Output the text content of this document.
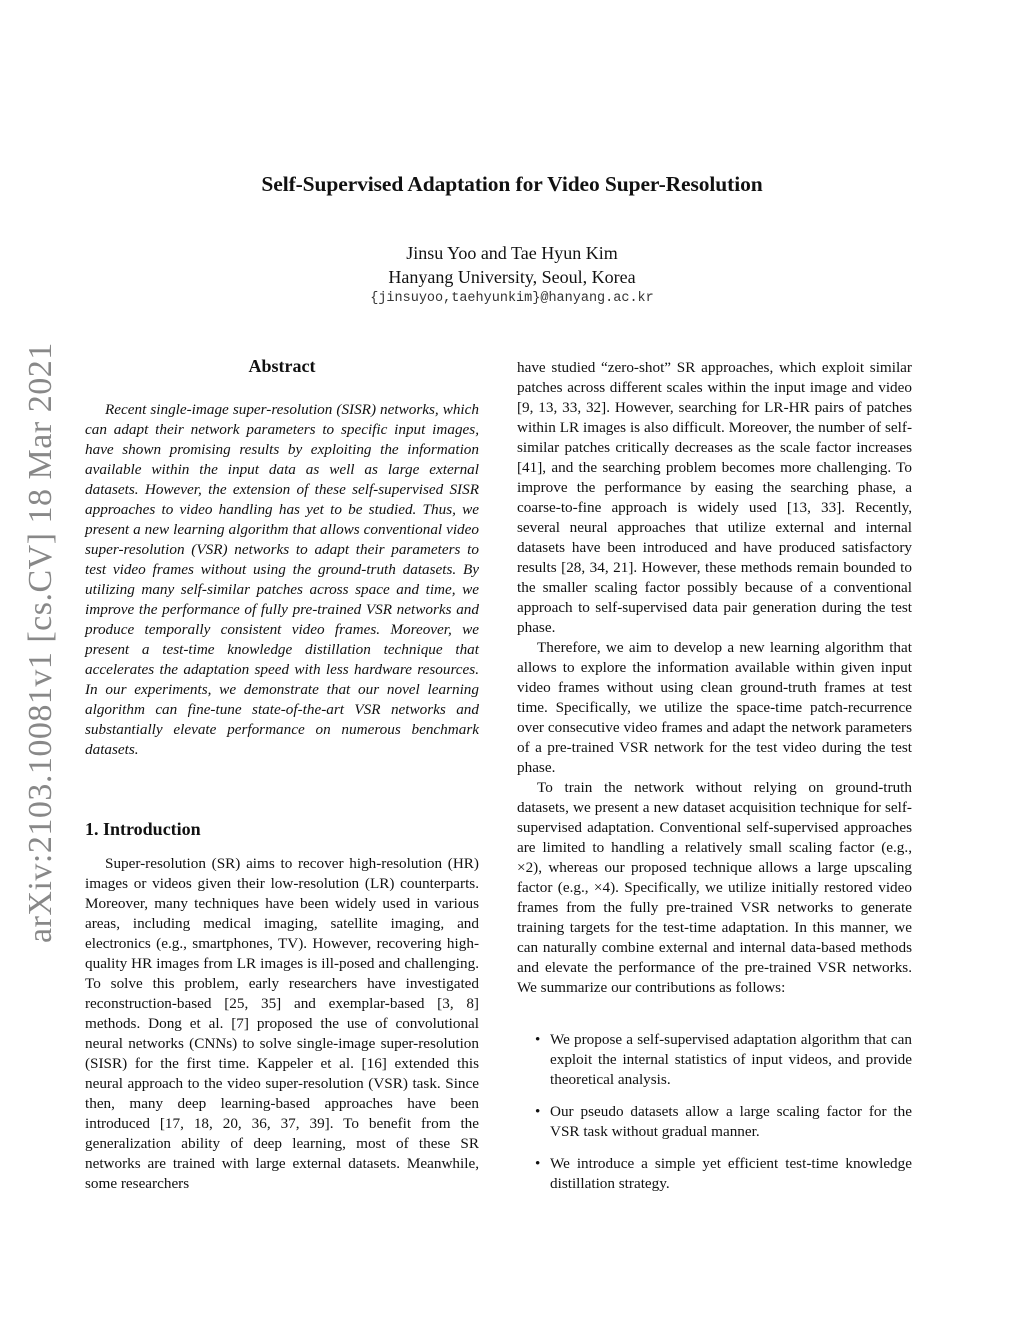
Self-Supervised Adaptation for Video Super-Resolution
Jinsu Yoo and Tae Hyun Kim
Hanyang University, Seoul, Korea
{jinsuyoo,taehyunkim}@hanyang.ac.kr
arXiv:2103.10081v1 [cs.CV] 18 Mar 2021	Abstract
Recent single-image super-resolution (SISR) networks, which can adapt their network parameters to specific input images, have shown promising results by exploiting the information available within the input data as well as large external datasets. However, the extension of these self-supervised SISR approaches to video handling has yet to be studied. Thus, we present a new learning algorithm that allows conventional video super-resolution (VSR) networks to adapt their parameters to test video frames without using the ground-truth datasets. By utilizing many self-similar patches across space and time, we improve the performance of fully pre-trained VSR networks and produce temporally consistent video frames. Moreover, we present a test-time knowledge distillation technique that accelerates the adaptation speed with less hardware resources. In our experiments, we demonstrate that our novel learning algorithm can fine-tune state-of-the-art VSR networks and substantially elevate performance on numerous benchmark datasets.
1. Introduction
Super-resolution (SR) aims to recover high-resolution (HR) images or videos given their low-resolution (LR) counterparts. Moreover, many techniques have been widely used in various areas, including medical imaging, satellite imaging, and electronics (e.g., smartphones, TV). However, recovering high-quality HR images from LR images is ill-posed and challenging. To solve this problem, early researchers have investigated reconstruction-based [25, 35] and exemplar-based [3, 8] methods. Dong et al. [7] proposed the use of convolutional neural networks (CNNs) to solve single-image super-resolution (SISR) for the first time. Kappeler et al. [16] extended this neural approach to the video super-resolution (VSR) task. Since then, many deep learning-based approaches have been introduced [17, 18, 20, 36, 37, 39]. To benefit from the generalization ability of deep learning, most of these SR networks are trained with large external datasets. Meanwhile, some researchers

have studied “zero-shot” SR approaches, which exploit similar patches across different scales within the input image and video [9, 13, 33, 32]. However, searching for LR-HR pairs of patches within LR images is also difficult. Moreover, the number of self-similar patches critically decreases as the scale factor increases [41], and the searching problem becomes more challenging. To improve the performance by easing the searching phase, a coarse-to-fine approach is widely used [13, 33]. Recently, several neural approaches that utilize external and internal datasets have been introduced and have produced satisfactory results [28, 34, 21]. However, these methods remain bounded to the smaller scaling factor possibly because of a conventional approach to self-supervised data pair generation during the test phase.

Therefore, we aim to develop a new learning algorithm that allows to explore the information available within given input video frames without using clean ground-truth frames at test time. Specifically, we utilize the space-time patch-recurrence over consecutive video frames and adapt the network parameters of a pre-trained VSR network for the test video during the test phase.

To train the network without relying on ground-truth datasets, we present a new dataset acquisition technique for self-supervised adaptation. Conventional self-supervised approaches are limited to handling a relatively small scaling factor (e.g., ×2), whereas our proposed technique allows a large upscaling factor (e.g., ×4). Specifically, we utilize initially restored video frames from the fully pre-trained VSR networks to generate training targets for the test-time adaptation. In this manner, we can naturally combine external and internal data-based methods and elevate the performance of the pre-trained VSR networks. We summarize our contributions as follows:

• We propose a self-supervised adaptation algorithm that can exploit the internal statistics of input videos, and provide theoretical analysis.
• Our pseudo datasets allow a large scaling factor for the VSR task without gradual manner.
• We introduce a simple yet efficient test-time knowledge distillation strategy.
